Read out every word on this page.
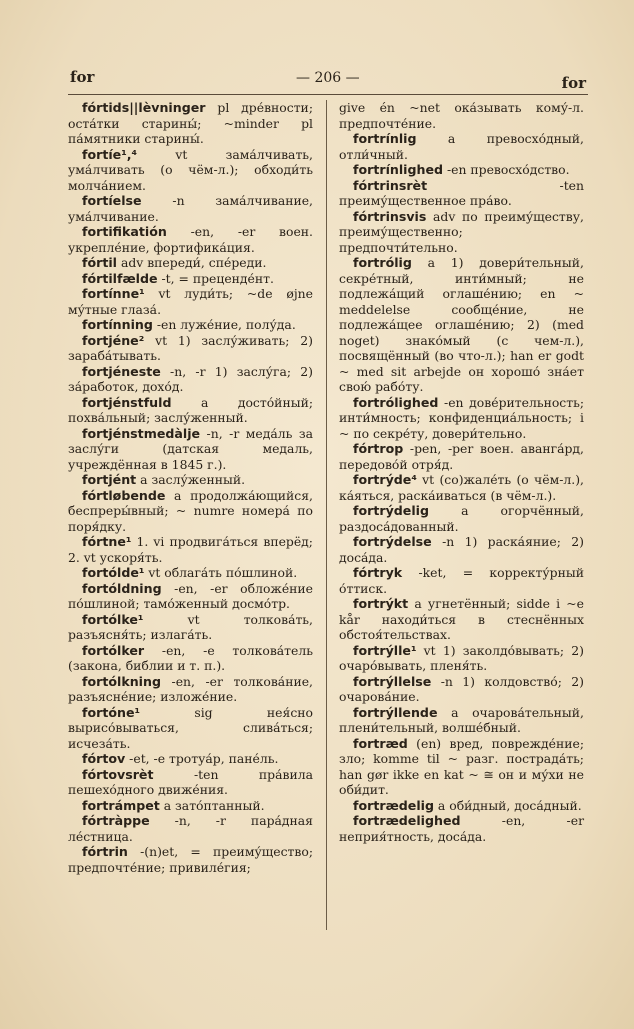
for	— 206 —	for

fórtids||lèvninger pl дре́вности; оста́тки старины́; ~minder pl па́мятники старины́.

fortíe¹,⁴ vt зама́лчивать, ума́лчивать (о чём-л.); обходи́ть молча́нием.

fortíelse -n зама́лчивание, ума́лчивание.

fortifikatión -en, -er воен. укрепле́ние, фортифика́ция.

fórtil adv впереди́, спе́реди.

fórtilfælde -t, = преценде́нт.

fortínne¹ vt луди́ть; ~de øjne му́тные глаза́.

fortínning -en луже́ние, полу́да.

fortjéne² vt 1) заслу́живать; 2) зараба́тывать.

fortjéneste -n, -r 1) заслу́га; 2) за́работок, дохо́д.

fortjénstfuld a досто́йный; похва́льный; заслу́женный.

fortjénstmedàlje -n, -r меда́ль за заслу́ги (датская медаль, учреждённая в 1845 г.).

fortjént a заслу́женный.

fórtløbende a продолжа́ющийся, беспреры́вный; ~ numre номера́ по поря́дку.

fórtne¹ 1. vi продвига́ться вперёд; 2. vt ускоря́ть.

fortólde¹ vt облага́ть по́шлиной.

fortóldning -en, -er обложе́ние по́шлиной; тамо́женный досмо́тр.

fortólke¹ vt толкова́ть, разъясня́ть; излага́ть.

fortólker -en, -e толкова́тель (закона, библии и т. п.).

fortólkning -en, -er толкова́ние, разъясне́ние; изложе́ние.

fortóne¹ sig нея́сно вырисо́вываться, слива́ться; исчеза́ть.

fórtov -et, -e тротуа́р, пане́ль.

fórtovsrèt -ten пра́вила пешехо́дного движе́ния.

fortrámpet a зато́птанный.

fórtràppe -n, -r пара́дная ле́стница.

fórtrin -(n)et, = преиму́щество; предпочте́ние; привиле́гия;

give én ~net ока́зывать кому́-л. предпочте́ние.

fortrínlig a превосхо́дный, отли́чный.

fortrínlighed -en превосхо́дство.

fórtrinsrèt -ten преиму́щественное пра́во.

fórtrinsvis adv по преиму́ществу, преиму́щественно; предпочти́тельно.

fortrólig a 1) довери́тельный, секре́тный, инти́мный; не подлежа́щий оглаше́нию; en ~ meddelelse сообще́ние, не подлежа́щее оглаше́нию; 2) (med noget) знако́мый (с чем-л.), посвящённый (во что-л.); han er godt ~ med sit arbejde он хорошо́ зна́ет свою́ рабо́ту.

fortrólighed -en дове́рительность; инти́мность; конфиденциа́льность; i ~ по секре́ту, довери́тельно.

fórtrop -pen, -per воен. аванга́рд, передово́й отря́д.

fortrýde⁴ vt (со)жале́ть (о чём-л.), ка́яться, раска́иваться (в чём-л.).

fortrýdelig a огорчённый, раздоса́дованный.

fortrýdelse -n 1) раска́яние; 2) доса́да.

fórtryk -ket, = корректу́рный о́ттиск.

fortrýkt a угнетённый; sidde i ~e kår находи́ться в стеснённых обстоя́тельствах.

fortrýlle¹ vt 1) заколдо́вывать; 2) очаро́вывать, пленя́ть.

fortrýllelse -n 1) колдовство́; 2) очарова́ние.

fortrýllende a очарова́тельный, плени́тельный, волше́бный.

fortræd (en) вред, поврежде́ние; зло; komme til ~ разг. пострада́ть; han gør ikke en kat ~ ≅ он и му́хи не оби́дит.

fortrædelig a оби́дный, доса́дный.

fortrædelighed -en, -er неприя́тность, доса́да.
